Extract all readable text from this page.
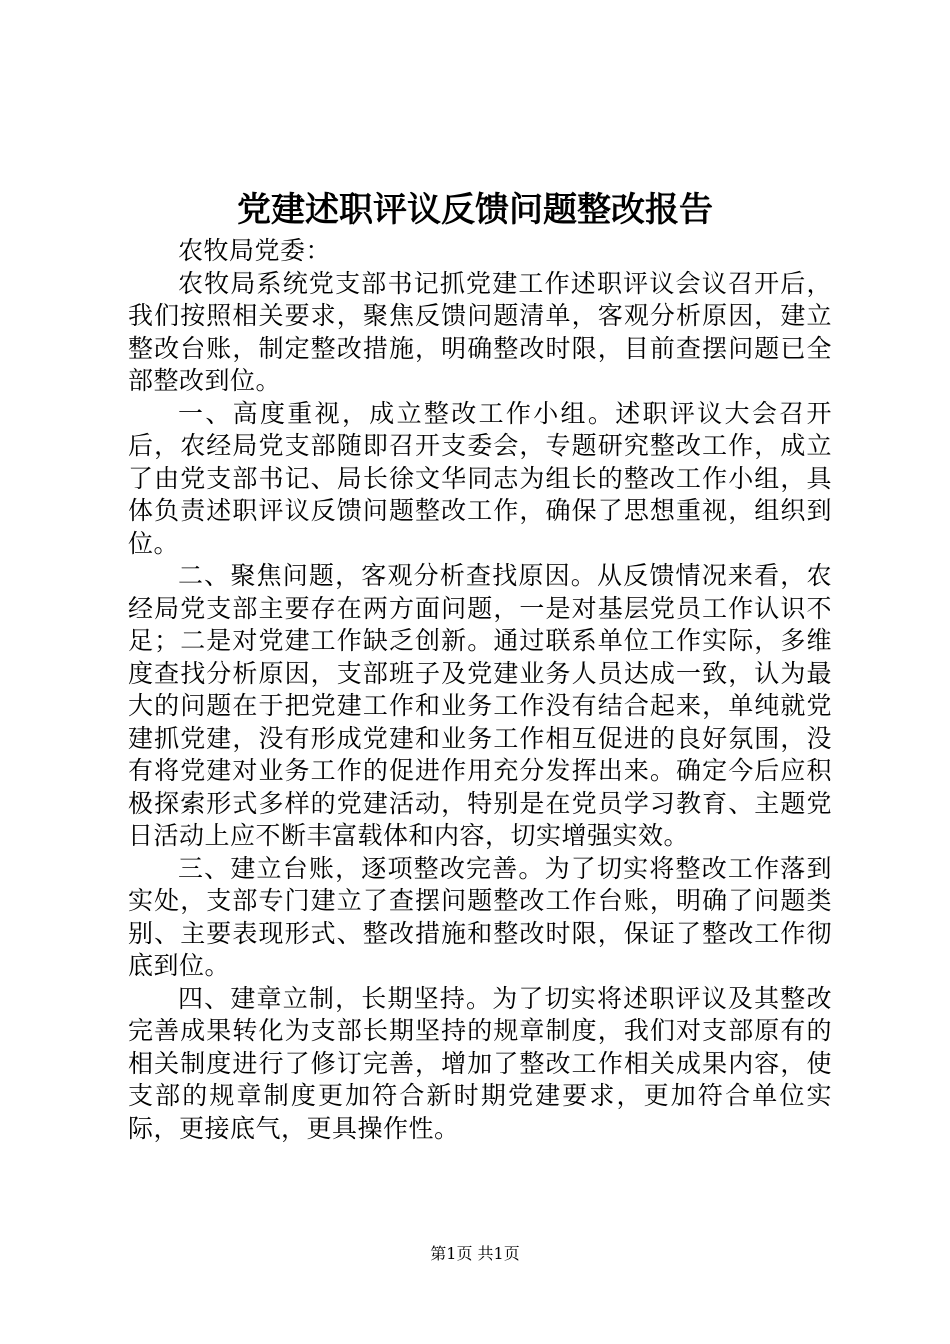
党建述职评议反馈问题整改报告

农牧局党委：

农牧局系统党支部书记抓党建工作述职评议会议召开后，我们按照相关要求，聚焦反馈问题清单，客观分析原因，建立整改台账，制定整改措施，明确整改时限，目前查摆问题已全部整改到位。

一、高度重视，成立整改工作小组。述职评议大会召开后，农经局党支部随即召开支委会，专题研究整改工作，成立了由党支部书记、局长徐文华同志为组长的整改工作小组，具体负责述职评议反馈问题整改工作，确保了思想重视，组织到位。

二、聚焦问题，客观分析查找原因。从反馈情况来看，农经局党支部主要存在两方面问题，一是对基层党员工作认识不足；二是对党建工作缺乏创新。通过联系单位工作实际，多维度查找分析原因，支部班子及党建业务人员达成一致，认为最大的问题在于把党建工作和业务工作没有结合起来，单纯就党建抓党建，没有形成党建和业务工作相互促进的良好氛围，没有将党建对业务工作的促进作用充分发挥出来。确定今后应积极探索形式多样的党建活动，特别是在党员学习教育、主题党日活动上应不断丰富载体和内容，切实增强实效。

三、建立台账，逐项整改完善。为了切实将整改工作落到实处，支部专门建立了查摆问题整改工作台账，明确了问题类别、主要表现形式、整改措施和整改时限，保证了整改工作彻底到位。

四、建章立制，长期坚持。为了切实将述职评议及其整改完善成果转化为支部长期坚持的规章制度，我们对支部原有的相关制度进行了修订完善，增加了整改工作相关成果内容，使支部的规章制度更加符合新时期党建要求，更加符合单位实际，更接底气，更具操作性。

第1页 共1页
